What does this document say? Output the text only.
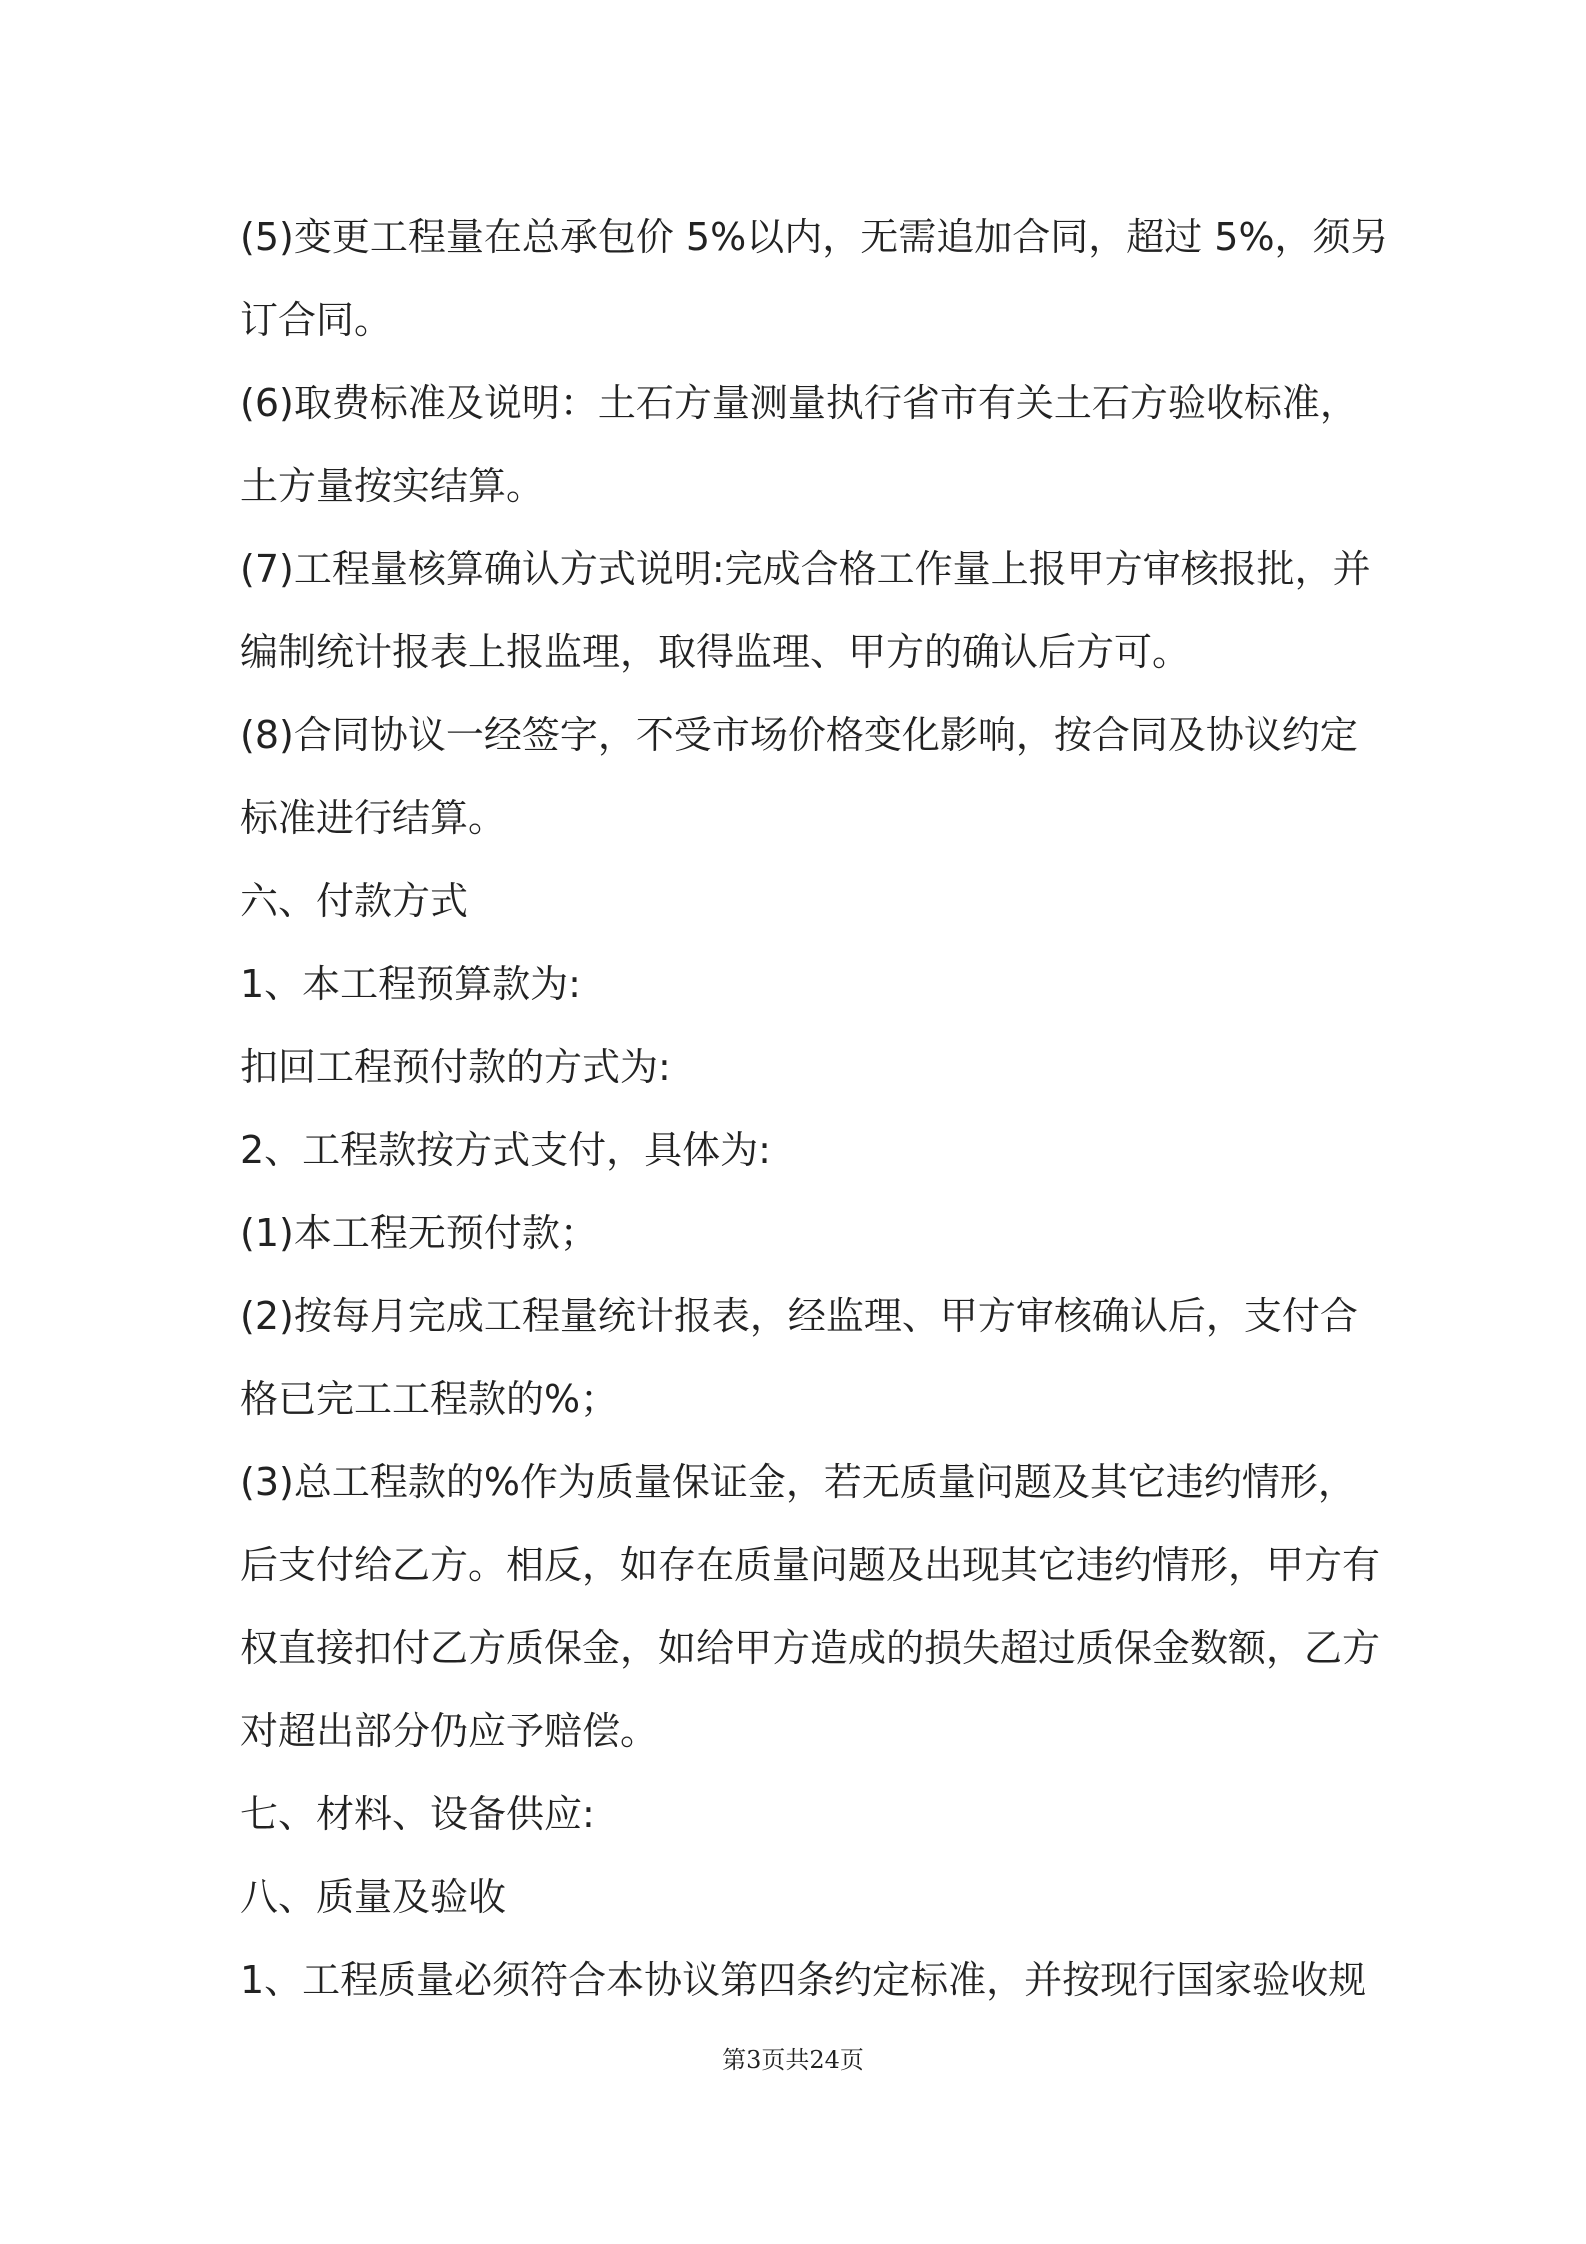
(5)变更工程量在总承包价 5%以内，无需追加合同，超过 5%，须另
订合同。
(6)取费标准及说明：土石方量测量执行省市有关土石方验收标准，
土方量按实结算。
(7)工程量核算确认方式说明:完成合格工作量上报甲方审核报批，并
编制统计报表上报监理，取得监理、甲方的确认后方可。
(8)合同协议一经签字，不受市场价格变化影响，按合同及协议约定
标准进行结算。
六、付款方式
1、本工程预算款为:
扣回工程预付款的方式为:
2、工程款按方式支付，具体为:
(1)本工程无预付款；
(2)按每月完成工程量统计报表，经监理、甲方审核确认后，支付合
格已完工工程款的%；
(3)总工程款的%作为质量保证金，若无质量问题及其它违约情形，
后支付给乙方。相反，如存在质量问题及出现其它违约情形，甲方有
权直接扣付乙方质保金，如给甲方造成的损失超过质保金数额，乙方
对超出部分仍应予赔偿。
七、材料、设备供应:
八、质量及验收
1、工程质量必须符合本协议第四条约定标准，并按现行国家验收规
第3页共24页
